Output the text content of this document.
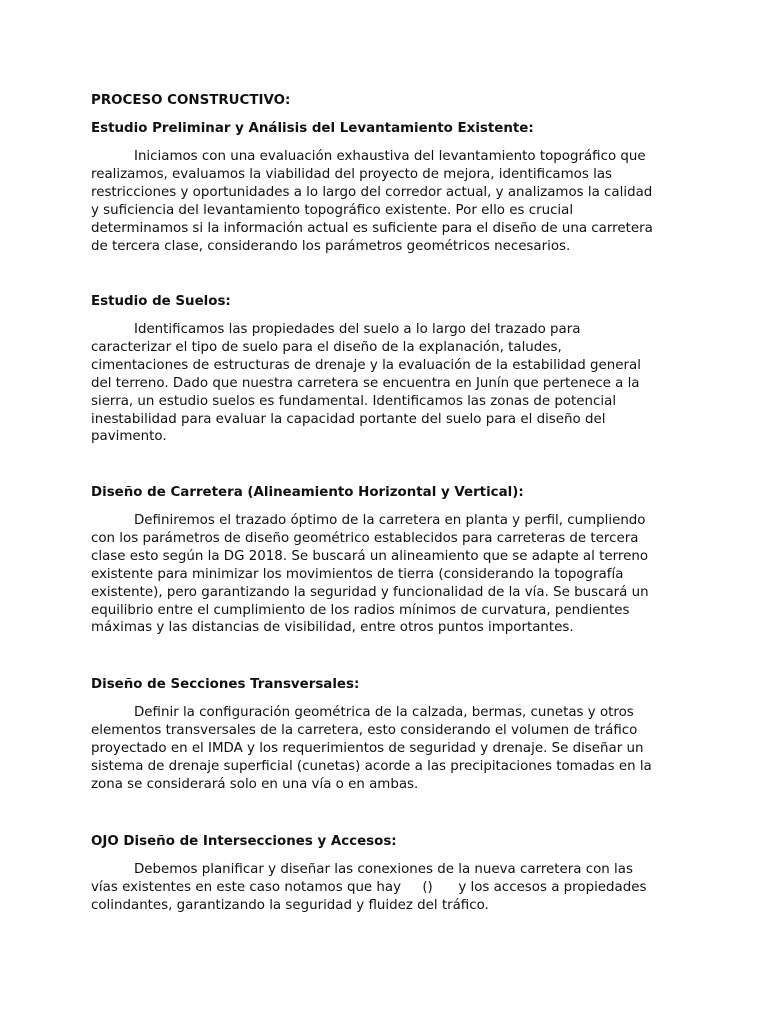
PROCESO CONSTRUCTIVO:

Estudio Preliminar y Análisis del Levantamiento Existente:

Iniciamos con una evaluación exhaustiva del levantamiento topográfico que
realizamos, evaluamos la viabilidad del proyecto de mejora, identificamos las
restricciones y oportunidades a lo largo del corredor actual, y analizamos la calidad
y suficiencia del levantamiento topográfico existente. Por ello es crucial
determinamos si la información actual es suficiente para el diseño de una carretera
de tercera clase, considerando los parámetros geométricos necesarios.

Estudio de Suelos:

Identificamos las propiedades del suelo a lo largo del trazado para
caracterizar el tipo de suelo para el diseño de la explanación, taludes,
cimentaciones de estructuras de drenaje y la evaluación de la estabilidad general
del terreno. Dado que nuestra carretera se encuentra en Junín que pertenece a la
sierra, un estudio suelos es fundamental. Identificamos las zonas de potencial
inestabilidad para evaluar la capacidad portante del suelo para el diseño del
pavimento.

Diseño de Carretera (Alineamiento Horizontal y Vertical):

Definiremos el trazado óptimo de la carretera en planta y perfil, cumpliendo
con los parámetros de diseño geométrico establecidos para carreteras de tercera
clase esto según la DG 2018. Se buscará un alineamiento que se adapte al terreno
existente para minimizar los movimientos de tierra (considerando la topografía
existente), pero garantizando la seguridad y funcionalidad de la vía. Se buscará un
equilibrio entre el cumplimiento de los radios mínimos de curvatura, pendientes
máximas y las distancias de visibilidad, entre otros puntos importantes.

Diseño de Secciones Transversales:

Definir la configuración geométrica de la calzada, bermas, cunetas y otros
elementos transversales de la carretera, esto considerando el volumen de tráfico
proyectado en el IMDA y los requerimientos de seguridad y drenaje. Se diseñar un
sistema de drenaje superficial (cunetas) acorde a las precipitaciones tomadas en la
zona se considerará solo en una vía o en ambas.

OJO Diseño de Intersecciones y Accesos:

Debemos planificar y diseñar las conexiones de la nueva carretera con las
vías existentes en este caso notamos que hay     ()      y los accesos a propiedades
colindantes, garantizando la seguridad y fluidez del tráfico.
